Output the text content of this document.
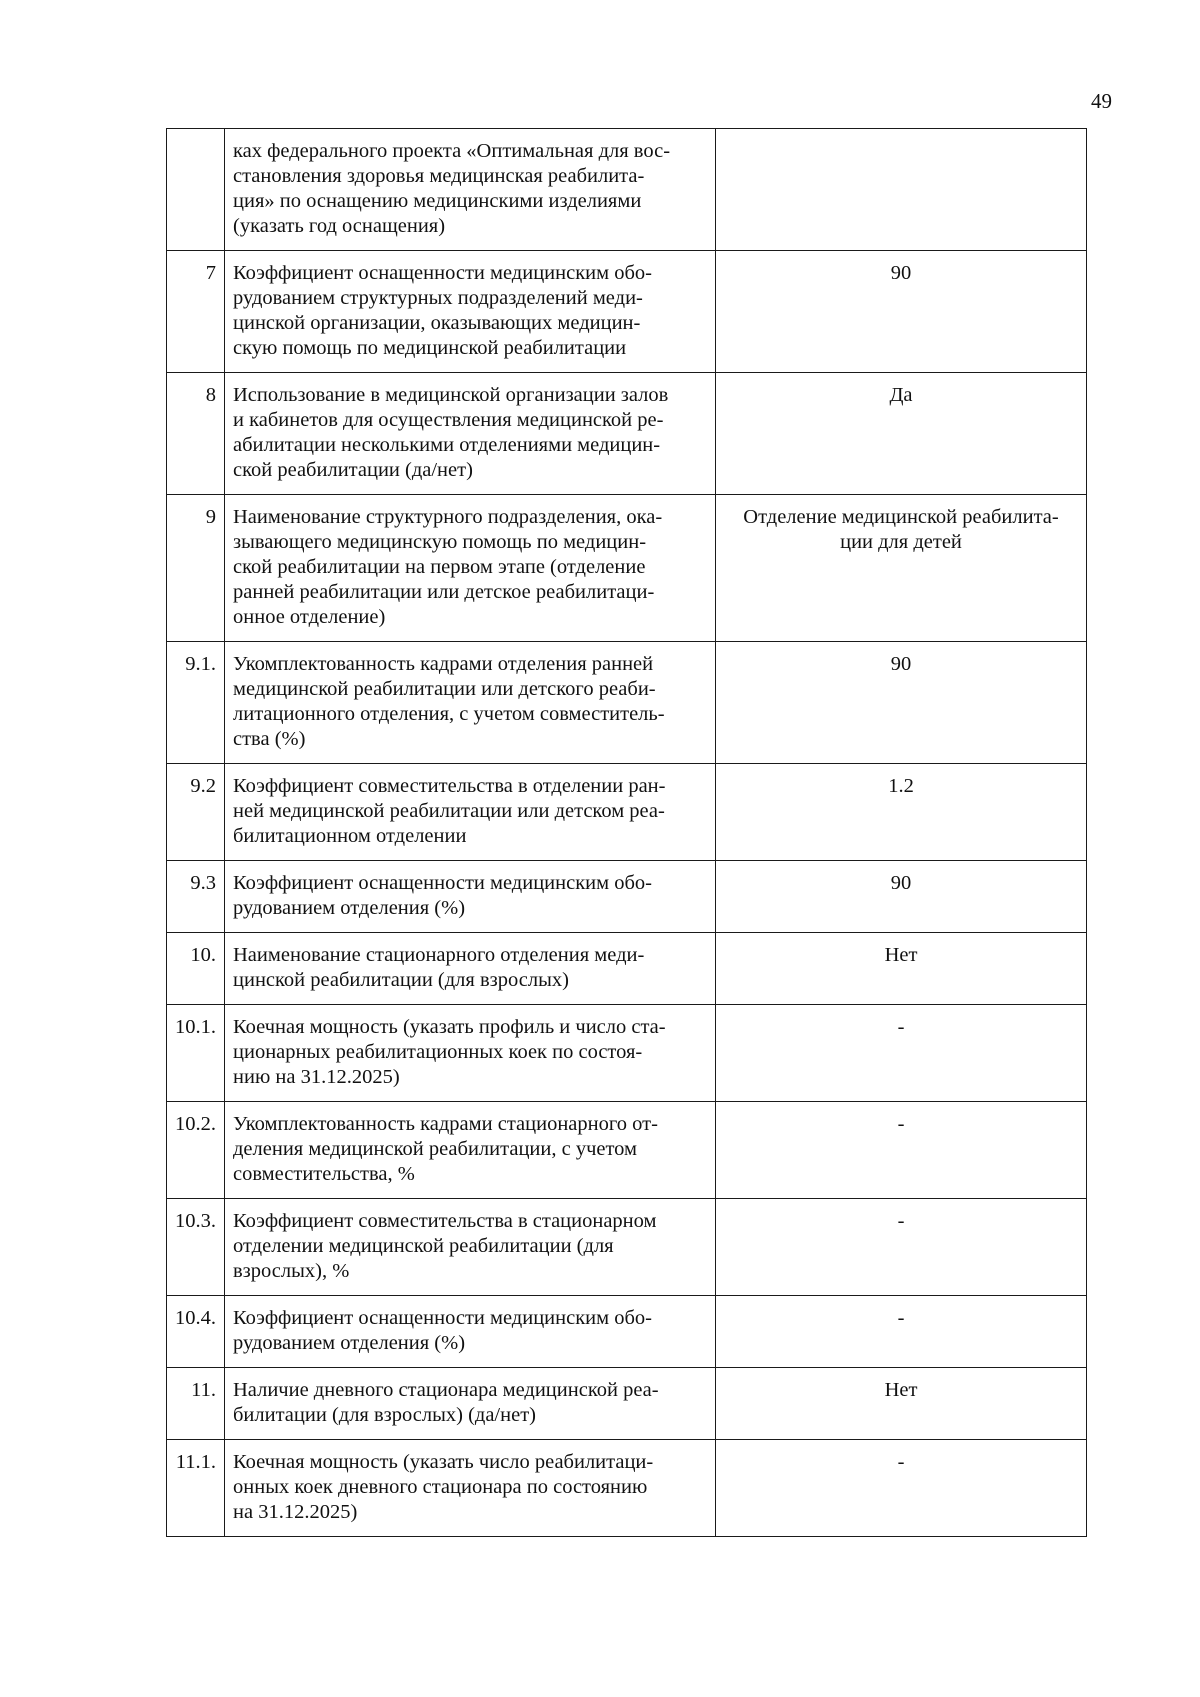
49

	ках федерального проекта «Оптимальная для вос-
становления здоровья медицинская реабилита-
ция» по оснащению медицинскими изделиями
(указать год оснащения)	

7	Коэффициент оснащенности медицинским обо-
рудованием структурных подразделений меди-
цинской организации, оказывающих медицин-
скую помощь по медицинской реабилитации	90

8	Использование в медицинской организации залов
и кабинетов для осуществления медицинской ре-
абилитации несколькими отделениями медицин-
ской реабилитации (да/нет)	Да

9	Наименование структурного подразделения, ока-
зывающего медицинскую помощь по медицин-
ской реабилитации на первом этапе (отделение
ранней реабилитации или детское реабилитаци-
онное отделение)	Отделение медицинской реабилита-
ции для детей

9.1.	Укомплектованность кадрами отделения ранней
медицинской реабилитации или детского реаби-
литационного отделения, с учетом совместитель-
ства (%)	90

9.2	Коэффициент совместительства в отделении ран-
ней медицинской реабилитации или детском реа-
билитационном отделении	1.2

9.3	Коэффициент оснащенности медицинским обо-
рудованием отделения (%)	90

10.	Наименование стационарного отделения меди-
цинской реабилитации (для взрослых)	Нет

10.1.	Коечная мощность (указать профиль и число ста-
ционарных реабилитационных коек по состоя-
нию на 31.12.2025)	-

10.2.	Укомплектованность кадрами стационарного от-
деления медицинской реабилитации, с учетом
совместительства, %	-

10.3.	Коэффициент совместительства в стационарном
отделении медицинской реабилитации (для
взрослых), %	-

10.4.	Коэффициент оснащенности медицинским обо-
рудованием отделения (%)	-

11.	Наличие дневного стационара медицинской реа-
билитации (для взрослых) (да/нет)	Нет

11.1.	Коечная мощность (указать число реабилитаци-
онных коек дневного стационара по состоянию
на 31.12.2025)	-
